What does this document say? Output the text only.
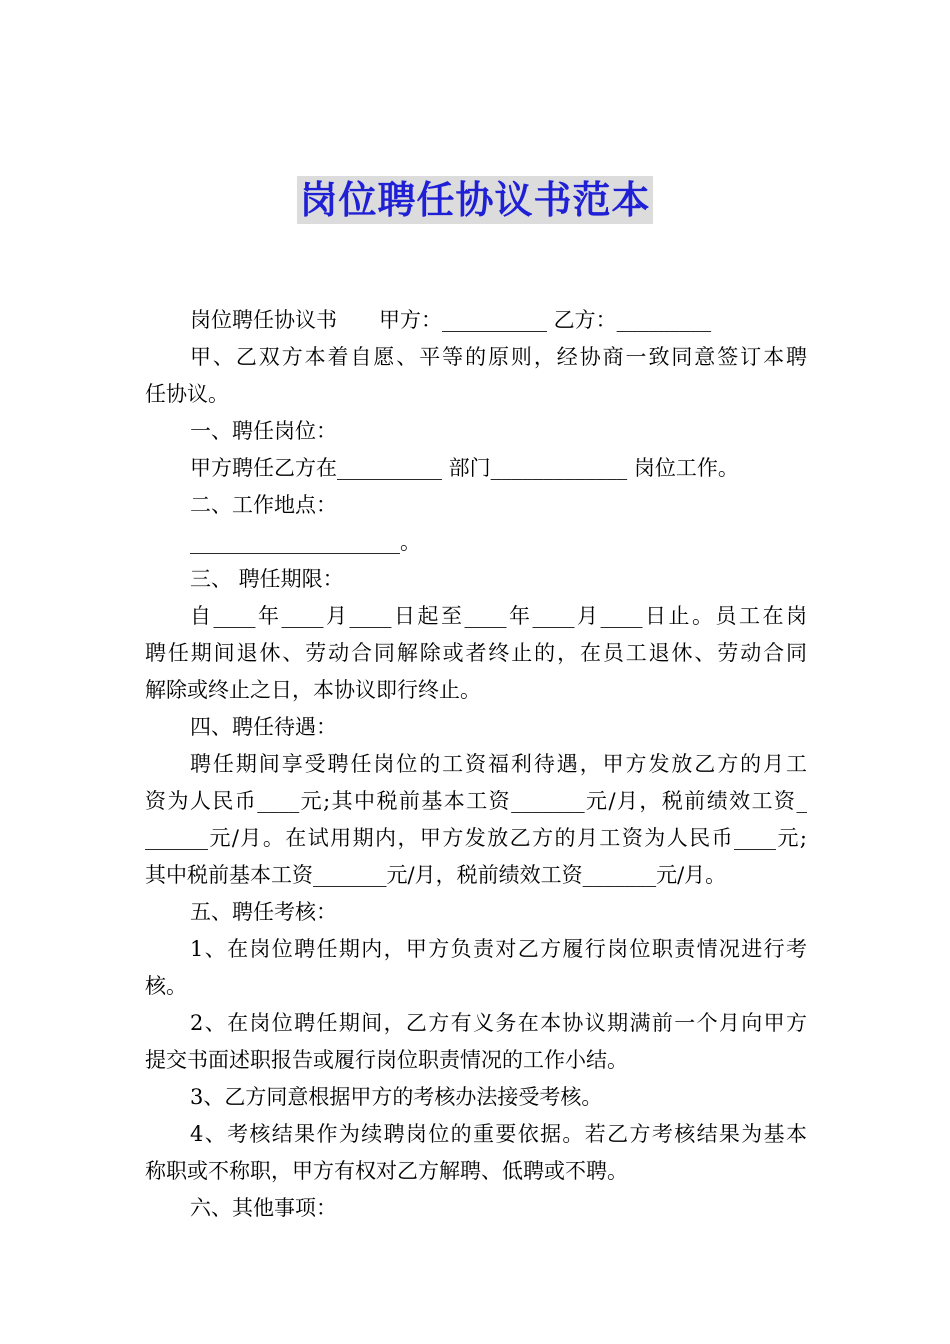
岗位聘任协议书范本
岗位聘任协议书　　甲方：__________ 乙方：_________
甲、乙双方本着自愿、平等的原则，经协商一致同意签订本聘
任协议。
一、聘任岗位：
甲方聘任乙方在__________ 部门_____________ 岗位工作。
二、工作地点：
____________________。
三、 聘任期限：
自____年____月____日起至____年____月____日止。员工在岗
聘任期间退休、劳动合同解除或者终止的，在员工退休、劳动合同
解除或终止之日，本协议即行终止。
四、聘任待遇：
聘任期间享受聘任岗位的工资福利待遇，甲方发放乙方的月工
资为人民币____元;其中税前基本工资_______元/月，税前绩效工资_
______元/月。在试用期内，甲方发放乙方的月工资为人民币____元;
其中税前基本工资_______元/月，税前绩效工资_______元/月。
五、聘任考核：
1、在岗位聘任期内，甲方负责对乙方履行岗位职责情况进行考
核。
2、在岗位聘任期间，乙方有义务在本协议期满前一个月向甲方
提交书面述职报告或履行岗位职责情况的工作小结。
3、乙方同意根据甲方的考核办法接受考核。
4、考核结果作为续聘岗位的重要依据。若乙方考核结果为基本
称职或不称职，甲方有权对乙方解聘、低聘或不聘。
六、其他事项：
